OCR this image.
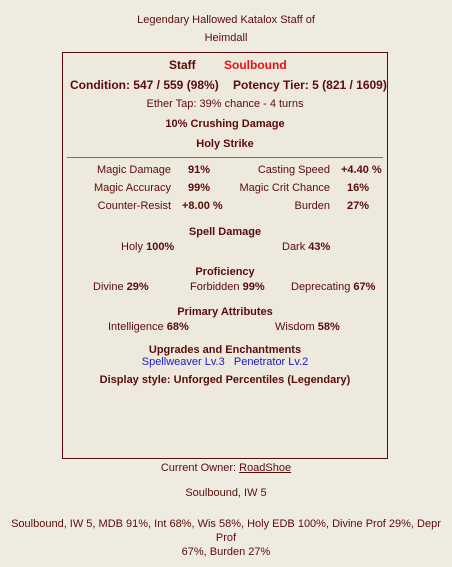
Legendary Hallowed Katalox Staff of
Heimdall
Staff Soulbound
Condition: 547 / 559 (98%) Potency Tier: 5 (821 / 1609)
Ether Tap: 39% chance - 4 turns
10% Crushing Damage
Holy Strike
Magic Damage 91%	Casting Speed +4.40 %
Magic Accuracy 99%	Magic Crit Chance 16%
Counter-Resist +8.00 %	Burden 27%
Spell Damage
Holy 100%	Dark 43%
Proficiency
Divine 29%	Forbidden 99% Deprecating 67%
Primary Attributes
Intelligence 68%	Wisdom 58%
Upgrades and Enchantments
Spellweaver Lv.3 Penetrator Lv.2
Display style: Unforged Percentiles (Legendary)
Current Owner: RoadShoe
Soulbound, IW 5
Soulbound, IW 5, MDB 91%, Int 68%, Wis 58%, Holy EDB 100%, Divine Prof 29%, Depr Prof
67%, Burden 27%
